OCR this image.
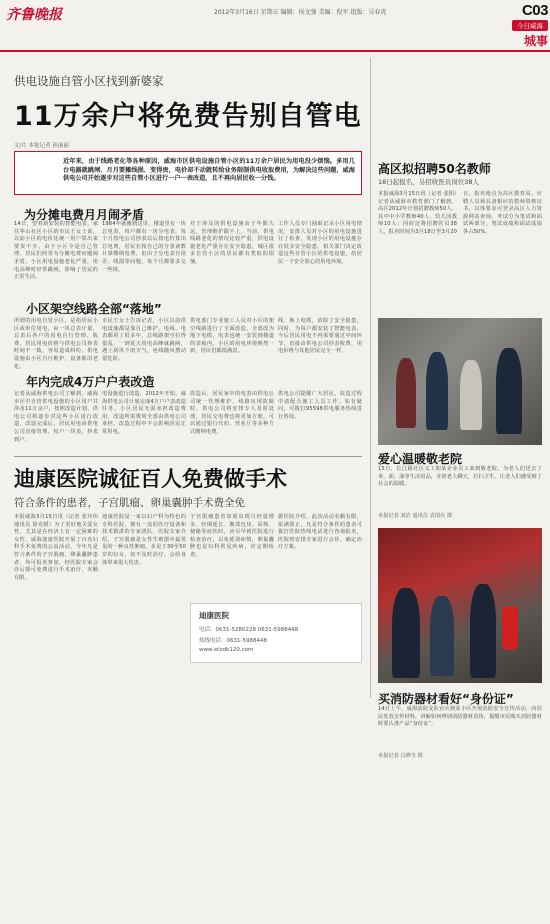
齐鲁晚报	2012年3月16日 星期五 编辑：侯文强 美编：倪军 组版：吴春虎	C03
今日威海
城事
供电设施自管小区找到新婆家
11万余户将免费告别自管电
文/片 本报记者 孙丽丽
近年来，由于线路老化等各种原因，威海市区供电设施自管小区的11万余户居民为用电没少烦恼。多用几台电器就跳闸、月月要摊线损、变得贵，电价却不动就转给业务限制供电收取费用，为解决这些问题，威海供电公司开始逐步对这些自管小区进行一户一表改造，且不再向居民收一分钱。
为分摊电费月月闹矛盾
14日，望着新安装的智能电表，家住华山社区小区的市民王女士说，以前小区的电价比统一用户算出来要贵不少，由于小区全是自己管理，居民们经常为分摊电费问题闹矛盾。小区用电设施老化严重，用电高峰时经常跳闸，影响了居民的正常生活。
1984年就搬到这里，楼道里有一块总电表，每户都有一块分电表，每个月按电公司抄表以后按电价算出总电费，居民在按自己的分表读数计算缴纳电费，但由于分电表有误差、线损等问题，每个月都要多交一些钱。
对于涉及的供电设施由于年限久远，管理维护跟不上，当前，供电线路老化的情况比较严重，供电设施老化严重存在安全隐患，城区很多自管小区的居民都有类似的烦恼。
工作人员专门抽取记录小区用电情况，安排人员对小区的用电设施进行了检查，发现小区的用电设施存在很多安全隐患，相关部门决定改造这些自管小区的供电设施，给居民一个安全放心的用电环境。
小区架空线路全部“落地”
所谓的用电自管小区，是指居民小区或单位用电，由一块总表计量，总表后各户的用电自行管理、收费，居民用电价格与供电公司抄表时间不一致，容易造成纠纷。供电设施由小区自行维护，设备陈旧老化。
市民王女士告诉记者，小区以前供电设施都是靠自己维护，电线、电表都用了很多年，总线路架空拉得很乱，一到夏天用电高峰就跳闸，遇上刮风下雨天气，电线随风摆动很危险。
供电部门专业施工人员对小区的架空线路进行了全面改造，全部改为地下电缆，电表也统一安装到楼道的表箱内，小区的用电环境焕然一新，居民们都很满意。
线，换上电缆，消除了安全隐患，同时，为每户都安装了智能电表，今后居民用电不再需要通过中间环节，直接由供电公司抄表收费，用电价格与其他居民完全一样。
年内完成4万户户表改造
记者从威海供电公司了解到，威海市区中自管供电设施的小区用户共涉及11万余户，按照改造计划，供电公司将逐步对这些小区进行改造，改造完成后，居民用电由供电公司直接管理，每户一块表，抄表到户。
电设施进行改造，2012年开始，威海供电公司计划完成4万户户表改造任务，小区居民无需承担改造费用，改造所需费用全部由供电公司承担，改造过程中不会影响居民正常用电。
改造后，居民家中的电表由供电公司统一管理维护，线路出现故障时，供电公司将安排专人及时处理，居民交电费也将更加方便，可以通过银行代扣、营业厅等多种方式缴纳电费。
供电公司提醒广大居民，改造过程中请配合施工人员工作，如有疑问，可拨打95598供电服务热线进行咨询。
迪康医院诚征百人免费做手术
符合条件的患者，子宫肌瘤、卵巢囊肿手术费全免
本报威海3月15日讯（记者 张玲伟 通讯员 徐克媛）为了更好地关爱女性，尤其是在经济上有一定困难的女性，威海迪康医院开展了百名妇科手术免费的公益活动，今年凡是符合条件的子宫肌瘤、卵巢囊肿患者，均可报名参加，经医院专家会诊后即可免费进行手术治疗，名额有限。
迪康医院是一家以妇产科为特色的专科医院，拥有一流的医疗设备和技术精湛的专家团队，医院专家介绍，子宫肌瘤是女性生殖器中最常见的一种良性肿瘤，多见于30至50岁的妇女，如不及时治疗，会给身体带来很大伤害。
子宫肌瘤患者如果出现月经量增多、经期延长、腹部包块、尿频、便秘等症状时，应尽早到医院进行检查治疗，以免延误病情，卵巢囊肿也是妇科常见疾病，应定期检查。
据医院介绍，此次活动名额有限，报满即止，凡是符合条件的患者可拨打医院热线电话进行咨询报名，医院将安排专家进行会诊，确定治疗方案。
迪康医院
电话：0631-5280228 0631-5988448
热线电话：0631-5988448
www.wlzdk120.com
高区拟招聘50名教师
18日起报名，另招收医员岗位38人
本报威海3月15日讯（记者 张阳）记者从威海市教育部门了解到，高区2012年计划招聘教师50人，其中中小学教师40人，幼儿园教师10人；同时还将招聘医员38人，报名时间为3月18日至3月20日，报名地点为高区教育局。应聘人员须具备相应的教师资格证书，具体要求可登录高区人力资源网站查询。考试分为笔试和面试两部分，笔试成绩和面试成绩各占50%。
爱心温暖敬老院
15日，长江路社区义工和某企业员工来到敬老院，为老人们送去了米、面、油等生活用品，并陪老人聊天，打扫卫生，让老人们感受到了社会的温暖。
本报记者 刘洁 通讯员 袁国亮 摄
买消防器材看好“身份证”
14日上午，威海消防支队官兵到某小区开展消防安全宣传活动，向居民发放宣传材料，讲解如何辨别消防器材真伪，提醒市民购买消防器材时要认准产品“身份证”。
本报记者 吕修全 摄
